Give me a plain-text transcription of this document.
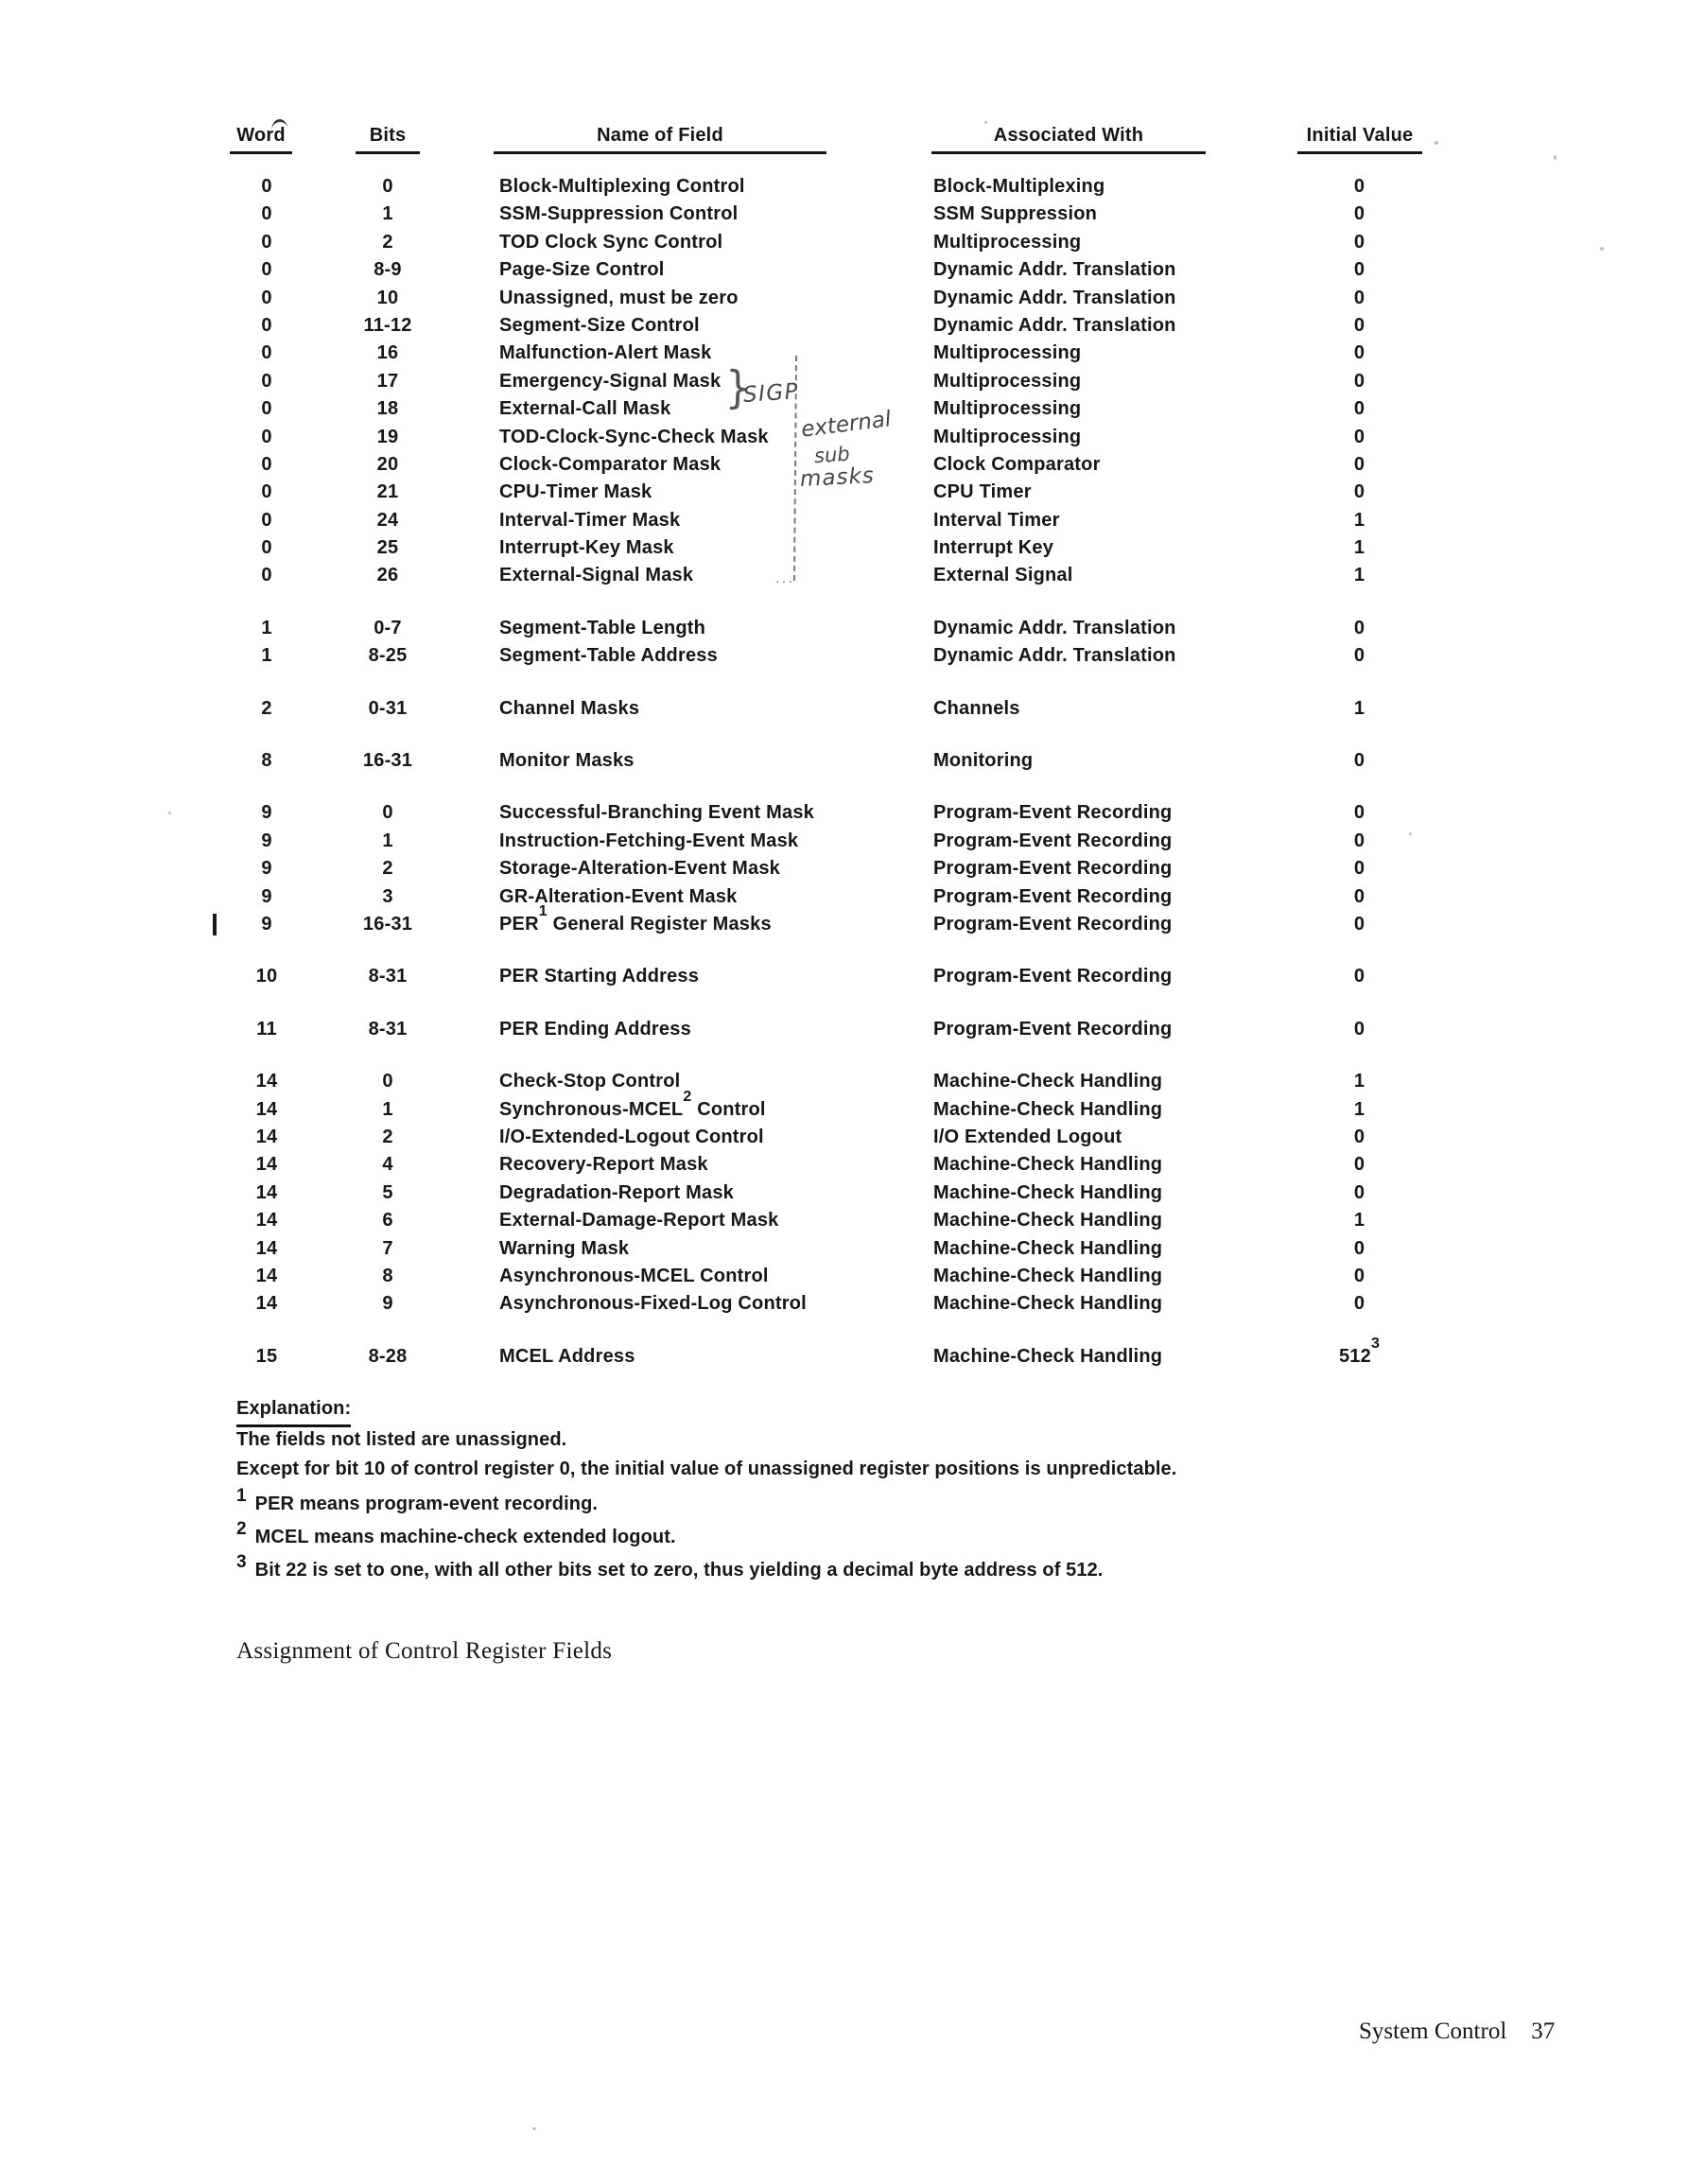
Word	Bits	Name of Field	Associated With	Initial Value
0	0	Block-Multiplexing Control	Block-Multiplexing	0
0	1	SSM-Suppression Control	SSM Suppression	0
0	2	TOD Clock Sync Control	Multiprocessing	0
0	8-9	Page-Size Control	Dynamic Addr. Translation	0
0	10	Unassigned, must be zero	Dynamic Addr. Translation	0
0	11-12	Segment-Size Control	Dynamic Addr. Translation	0
0	16	Malfunction-Alert Mask	Multiprocessing	0
0	17	Emergency-Signal Mask	Multiprocessing	0
0	18	External-Call Mask	Multiprocessing	0
0	19	TOD-Clock-Sync-Check Mask	Multiprocessing	0
0	20	Clock-Comparator Mask	Clock Comparator	0
0	21	CPU-Timer Mask	CPU Timer	0
0	24	Interval-Timer Mask	Interval Timer	1
0	25	Interrupt-Key Mask	Interrupt Key	1
0	26	External-Signal Mask	External Signal	1
1	0-7	Segment-Table Length	Dynamic Addr. Translation	0
1	8-25	Segment-Table Address	Dynamic Addr. Translation	0
2	0-31	Channel Masks	Channels	1
8	16-31	Monitor Masks	Monitoring	0
9	0	Successful-Branching Event Mask	Program-Event Recording	0
9	1	Instruction-Fetching-Event Mask	Program-Event Recording	0
9	2	Storage-Alteration-Event Mask	Program-Event Recording	0
9	3	GR-Alteration-Event Mask	Program-Event Recording	0
9	16-31	PER$^1$ General Register Masks	Program-Event Recording	0
10	8-31	PER Starting Address	Program-Event Recording	0
11	8-31	PER Ending Address	Program-Event Recording	0
14	0	Check-Stop Control	Machine-Check Handling	1
14	1	Synchronous-MCEL$^2$ Control	Machine-Check Handling	1
14	2	I/O-Extended-Logout Control	I/O Extended Logout	0
14	4	Recovery-Report Mask	Machine-Check Handling	0
14	5	Degradation-Report Mask	Machine-Check Handling	0
14	6	External-Damage-Report Mask	Machine-Check Handling	1
14	7	Warning Mask	Machine-Check Handling	0
14	8	Asynchronous-MCEL Control	Machine-Check Handling	0
14	9	Asynchronous-Fixed-Log Control	Machine-Check Handling	0
15	8-28	MCEL Address	Machine-Check Handling	$512^3$
}
SIGP
external
sub
masks
···
Explanation:
The fields not listed are unassigned.
Except for bit 10 of control register 0, the initial value of unassigned register positions is unpredictable.
1 PER means program-event recording.
2 MCEL means machine-check extended logout.
3 Bit 22 is set to one, with all other bits set to zero, thus yielding a decimal byte address of 512.
Assignment of Control Register Fields
System Control 37
